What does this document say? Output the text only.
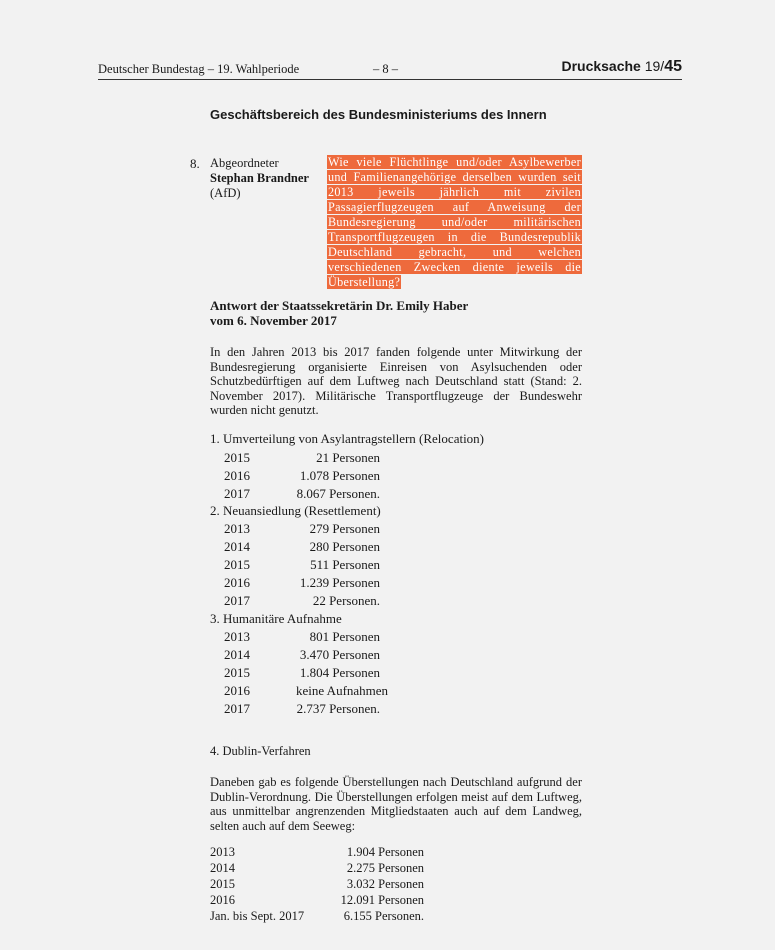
Deutscher Bundestag – 19. Wahlperiode	– 8 –	Drucksache 19/45
Geschäftsbereich des Bundesministeriums des Innern
8. Abgeordneter
Stephan Brandner
(AfD)
Wie viele Flüchtlinge und/oder Asylbewerber und Familienangehörige derselben wurden seit 2013 jeweils jährlich mit zivilen Passagierflugzeugen auf Anweisung der Bundesregierung und/oder militärischen Transportflugzeugen in die Bundesrepublik Deutschland gebracht, und welchen verschiedenen Zwecken diente jeweils die Überstellung?
Antwort der Staatssekretärin Dr. Emily Haber
vom 6. November 2017
In den Jahren 2013 bis 2017 fanden folgende unter Mitwirkung der Bundesregierung organisierte Einreisen von Asylsuchenden oder Schutzbedürftigen auf dem Luftweg nach Deutschland statt (Stand: 2. November 2017). Militärische Transportflugzeuge der Bundeswehr wurden nicht genutzt.
1. Umverteilung von Asylantragstellern (Relocation)
2015	21 Personen
2016	1.078 Personen
2017	8.067 Personen.
2. Neuansiedlung (Resettlement)
2013	279 Personen
2014	280 Personen
2015	511 Personen
2016	1.239 Personen
2017	22 Personen.
3. Humanitäre Aufnahme
2013	801 Personen
2014	3.470 Personen
2015	1.804 Personen
2016	keine Aufnahmen
2017	2.737 Personen.
4. Dublin-Verfahren
Daneben gab es folgende Überstellungen nach Deutschland aufgrund der Dublin-Verordnung. Die Überstellungen erfolgen meist auf dem Luftweg, aus unmittelbar angrenzenden Mitgliedstaaten auch auf dem Landweg, selten auch auf dem Seeweg:
2013	1.904 Personen
2014	2.275 Personen
2015	3.032 Personen
2016	12.091 Personen
Jan. bis Sept. 2017	6.155 Personen.
